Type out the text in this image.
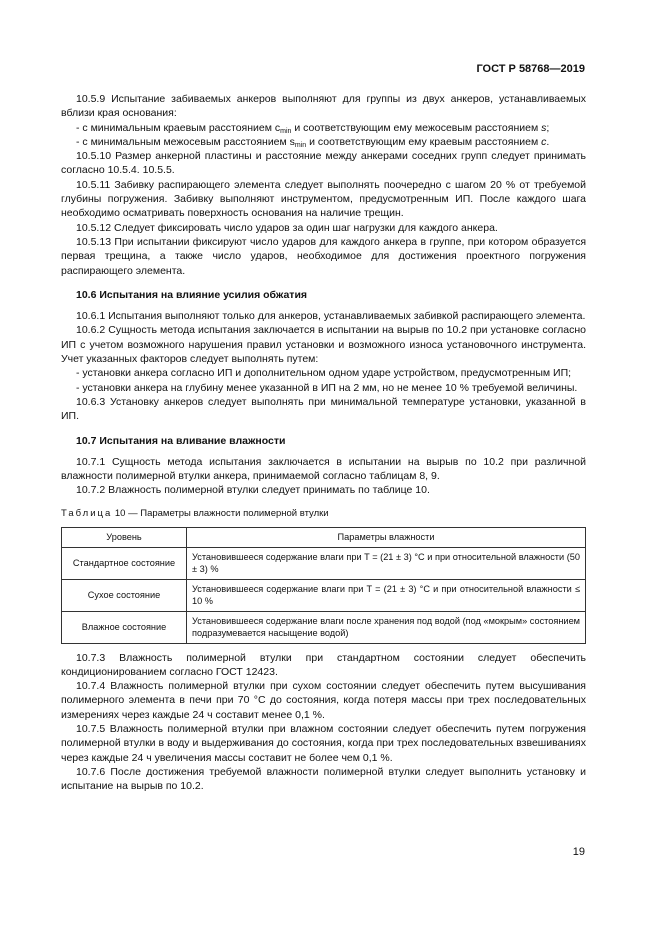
ГОСТ Р 58768—2019

10.5.9 Испытание забиваемых анкеров выполняют для группы из двух анкеров, устанавливаемых вблизи края основания:

- с минимальным краевым расстоянием $c_{min}$ и соответствующим ему межосевым расстоянием s;

- с минимальным межосевым расстоянием $s_{min}$ и соответствующим ему краевым расстоянием c.

10.5.10 Размер анкерной пластины и расстояние между анкерами соседних групп следует принимать согласно 10.5.4. 10.5.5.

10.5.11 Забивку распирающего элемента следует выполнять поочередно с шагом 20 % от требуемой глубины погружения. Забивку выполняют инструментом, предусмотренным ИП. После каждого шага необходимо осматривать поверхность основания на наличие трещин.

10.5.12 Следует фиксировать число ударов за один шаг нагрузки для каждого анкера.

10.5.13 При испытании фиксируют число ударов для каждого анкера в группе, при котором образуется первая трещина, а также число ударов, необходимое для достижения проектного погружения распирающего элемента.

10.6 Испытания на влияние усилия обжатия

10.6.1 Испытания выполняют только для анкеров, устанавливаемых забивкой распирающего элемента.

10.6.2 Сущность метода испытания заключается в испытании на вырыв по 10.2 при установке согласно ИП с учетом возможного нарушения правил установки и возможного износа установочного инструмента. Учет указанных факторов следует выполнять путем:

- установки анкера согласно ИП и дополнительном одном ударе устройством, предусмотренным ИП;

- установки анкера на глубину менее указанной в ИП на 2 мм, но не менее 10 % требуемой величины.

10.6.3 Установку анкеров следует выполнять при минимальной температуре установки, указанной в ИП.

10.7 Испытания на вливание влажности

10.7.1 Сущность метода испытания заключается в испытании на вырыв по 10.2 при различной влажности полимерной втулки анкера, принимаемой согласно таблицам 8, 9.

10.7.2 Влажность полимерной втулки следует принимать по таблице 10.

Таблица 10 — Параметры влажности полимерной втулки
Уровень	Параметры влажности
Стандартное состояние	Установившееся содержание влаги при T = (21 ± 3) °C и при относительной влажности (50 ± 3) %
Сухое состояние	Установившееся содержание влаги при T = (21 ± 3) °C и при относительной влажности ≤ 10 %
Влажное состояние	Установившееся содержание влаги после хранения под водой (под «мокрым» состоянием подразумевается насыщение водой)

10.7.3 Влажность полимерной втулки при стандартном состоянии следует обеспечить кондиционированием согласно ГОСТ 12423.

10.7.4 Влажность полимерной втулки при сухом состоянии следует обеспечить путем высушивания полимерного элемента в печи при 70 °C до состояния, когда потеря массы при трех последовательных измерениях через каждые 24 ч составит менее 0,1 %.

10.7.5 Влажность полимерной втулки при влажном состоянии следует обеспечить путем погружения полимерной втулки в воду и выдерживания до состояния, когда при трех последовательных взвешиваниях через каждые 24 ч увеличения массы составит не более чем 0,1 %.

10.7.6 После достижения требуемой влажности полимерной втулки следует выполнить установку и испытание на вырыв по 10.2.

19
